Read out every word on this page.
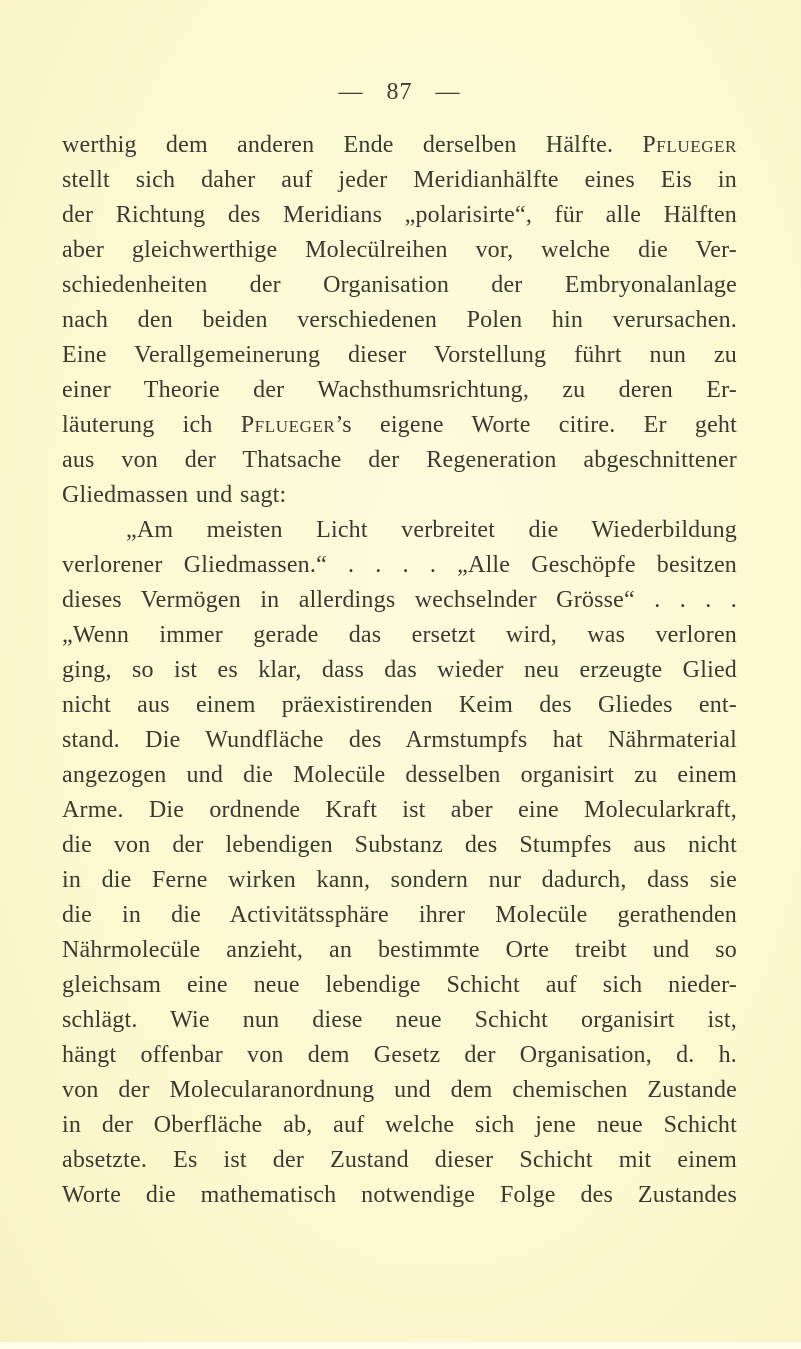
— 87 —
werthig dem anderen Ende derselben Hälfte. Pflueger
stellt sich daher auf jeder Meridianhälfte eines Eis in
der Richtung des Meridians „polarisirte“, für alle Hälften
aber gleichwerthige Molecülreihen vor, welche die Ver-
schiedenheiten der Organisation der Embryonalanlage
nach den beiden verschiedenen Polen hin verursachen.
Eine Verallgemeinerung dieser Vorstellung führt nun zu
einer Theorie der Wachsthumsrichtung, zu deren Er-
läuterung ich Pflueger’s eigene Worte citire. Er geht
aus von der Thatsache der Regeneration abgeschnittener
Gliedmassen und sagt:
„Am meisten Licht verbreitet die Wiederbildung
verlorener Gliedmassen.“ . . . . „Alle Geschöpfe besitzen
dieses Vermögen in allerdings wechselnder Grösse“ . . . .
„Wenn immer gerade das ersetzt wird, was verloren
ging, so ist es klar, dass das wieder neu erzeugte Glied
nicht aus einem präexistirenden Keim des Gliedes ent-
stand. Die Wundfläche des Armstumpfs hat Nährmaterial
angezogen und die Molecüle desselben organisirt zu einem
Arme. Die ordnende Kraft ist aber eine Molecularkraft,
die von der lebendigen Substanz des Stumpfes aus nicht
in die Ferne wirken kann, sondern nur dadurch, dass sie
die in die Activitätssphäre ihrer Molecüle gerathenden
Nährmolecüle anzieht, an bestimmte Orte treibt und so
gleichsam eine neue lebendige Schicht auf sich nieder-
schlägt. Wie nun diese neue Schicht organisirt ist,
hängt offenbar von dem Gesetz der Organisation, d. h.
von der Molecularanordnung und dem chemischen Zustande
in der Oberfläche ab, auf welche sich jene neue Schicht
absetzte. Es ist der Zustand dieser Schicht mit einem
Worte die mathematisch notwendige Folge des Zustandes
